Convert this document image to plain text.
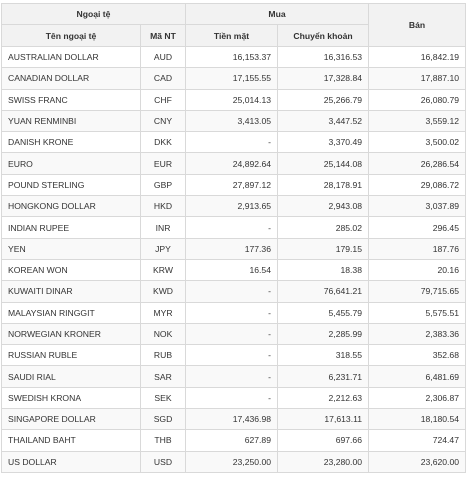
Ngoại tệ		Mua		Bán
Tên ngoại tệ	Mã NT	Tiền mặt	Chuyển khoản	
AUSTRALIAN DOLLAR	AUD	16,153.37	16,316.53	16,842.19
CANADIAN DOLLAR	CAD	17,155.55	17,328.84	17,887.10
SWISS FRANC	CHF	25,014.13	25,266.79	26,080.79
YUAN RENMINBI	CNY	3,413.05	3,447.52	3,559.12
DANISH KRONE	DKK	-	3,370.49	3,500.02
EURO	EUR	24,892.64	25,144.08	26,286.54
POUND STERLING	GBP	27,897.12	28,178.91	29,086.72
HONGKONG DOLLAR	HKD	2,913.65	2,943.08	3,037.89
INDIAN RUPEE	INR	-	285.02	296.45
YEN	JPY	177.36	179.15	187.76
KOREAN WON	KRW	16.54	18.38	20.16
KUWAITI DINAR	KWD	-	76,641.21	79,715.65
MALAYSIAN RINGGIT	MYR	-	5,455.79	5,575.51
NORWEGIAN KRONER	NOK	-	2,285.99	2,383.36
RUSSIAN RUBLE	RUB	-	318.55	352.68
SAUDI RIAL	SAR	-	6,231.71	6,481.69
SWEDISH KRONA	SEK	-	2,212.63	2,306.87
SINGAPORE DOLLAR	SGD	17,436.98	17,613.11	18,180.54
THAILAND BAHT	THB	627.89	697.66	724.47
US DOLLAR	USD	23,250.00	23,280.00	23,620.00
